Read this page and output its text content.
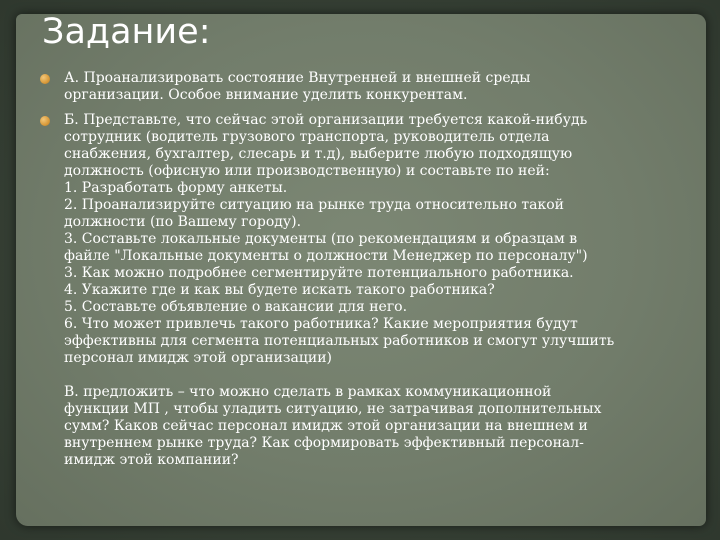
Задание:
А. Проанализировать состояние Внутренней и внешней среды
организации. Особое внимание уделить конкурентам.
Б. Представьте, что сейчас этой организации требуется какой-нибудь
сотрудник (водитель грузового транспорта, руководитель отдела
снабжения, бухгалтер, слесарь и т.д), выберите любую подходящую
должность (офисную или производственную) и составьте по ней:
1. Разработать форму анкеты.
2. Проанализируйте ситуацию на рынке труда относительно такой
должности (по Вашему городу).
3. Составьте локальные документы (по рекомендациям и образцам в
файле "Локальные документы о должности Менеджер по персоналу")
3. Как можно подробнее сегментируйте потенциального работника.
4. Укажите где и как вы будете искать такого работника?
5. Составьте объявление о вакансии для него.
6. Что может привлечь такого работника? Какие мероприятия будут
эффективны для сегмента потенциальных работников и смогут улучшить
персонал имидж этой организации)

В. предложить – что можно сделать в рамках коммуникационной
функции МП , чтобы уладить ситуацию, не затрачивая дополнительных
сумм? Каков сейчас персонал имидж этой организации на внешнем и
внутреннем рынке труда? Как сформировать эффективный персонал-
имидж этой компании?
